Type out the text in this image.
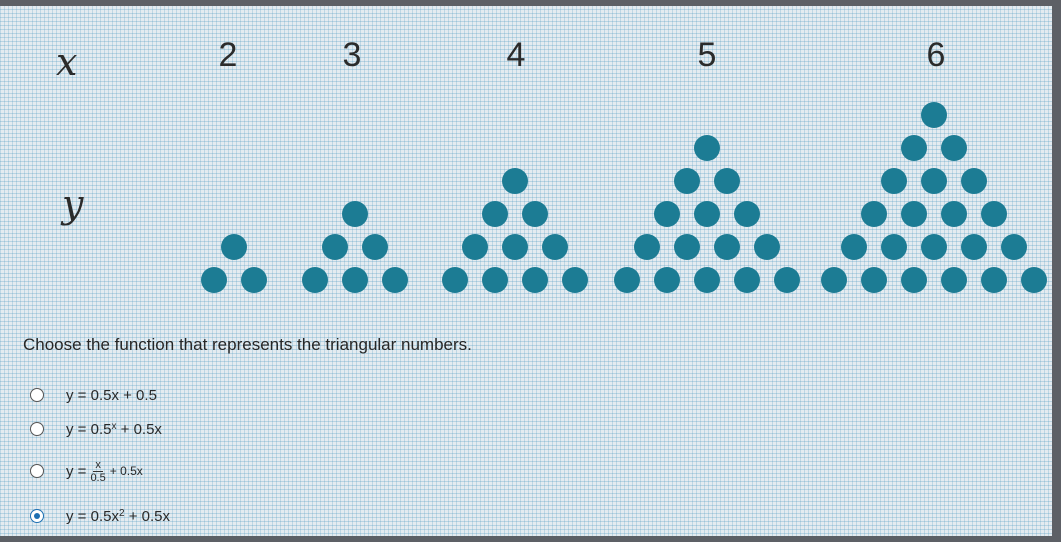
x
y
2	3	4	5	6
Choose the function that represents the triangular numbers.
y
=
0.5x + 0.5
y
=
0.5$^x$
+ 0.5x
y
= $\frac{x}{0.5} + 0.5x$
y
=
$0.5x^2$
+ 0.5x
